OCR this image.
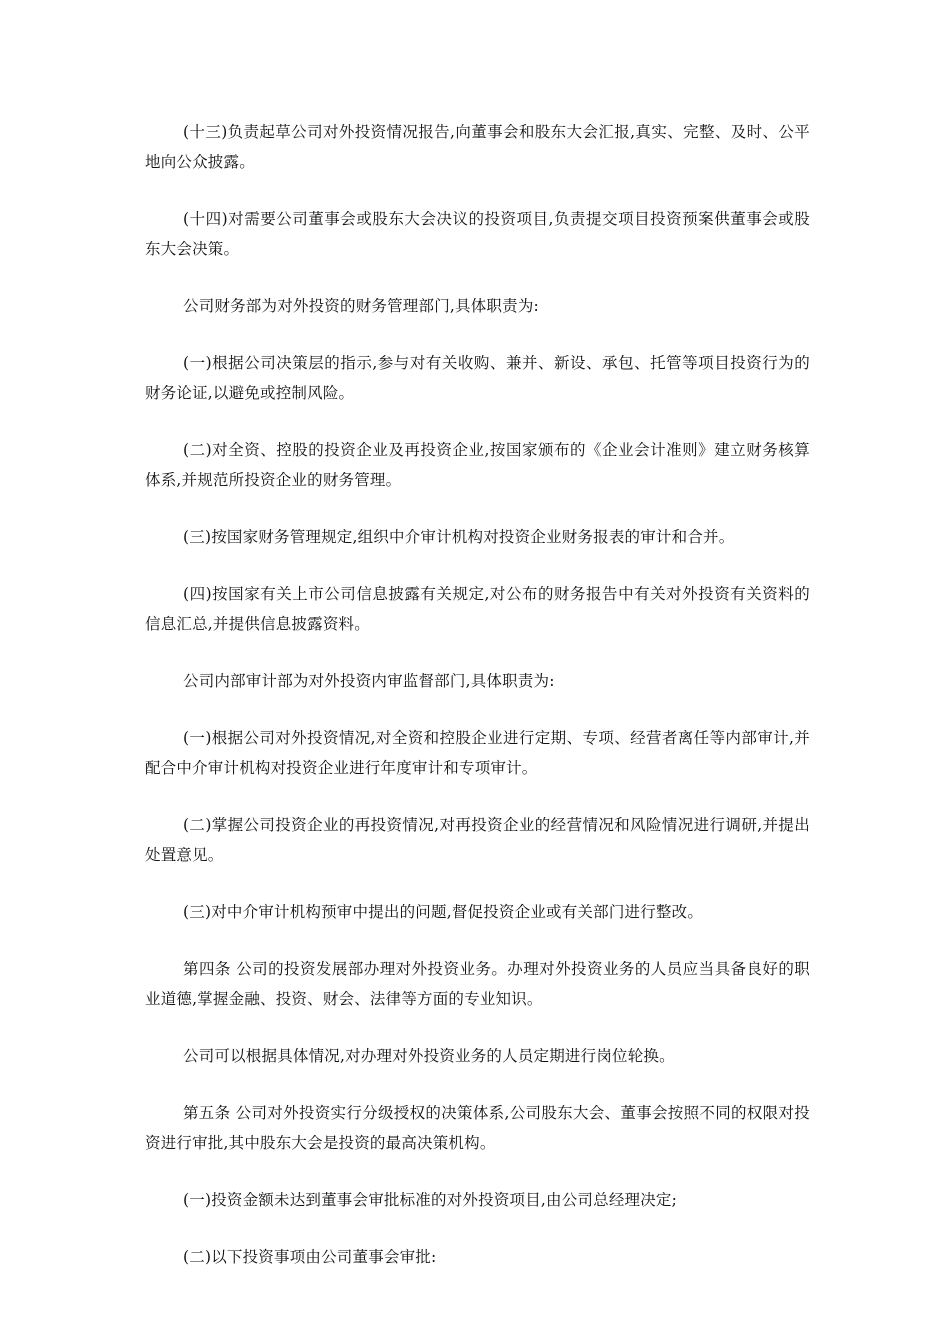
(十三)负责起草公司对外投资情况报告,向董事会和股东大会汇报,真实、完整、及时、公平地向公众披露。

(十四)对需要公司董事会或股东大会决议的投资项目,负责提交项目投资预案供董事会或股东大会决策。

公司财务部为对外投资的财务管理部门,具体职责为:

(一)根据公司决策层的指示,参与对有关收购、兼并、新设、承包、托管等项目投资行为的财务论证,以避免或控制风险。

(二)对全资、控股的投资企业及再投资企业,按国家颁布的《企业会计准则》建立财务核算体系,并规范所投资企业的财务管理。

(三)按国家财务管理规定,组织中介审计机构对投资企业财务报表的审计和合并。

(四)按国家有关上市公司信息披露有关规定,对公布的财务报告中有关对外投资有关资料的信息汇总,并提供信息披露资料。

公司内部审计部为对外投资内审监督部门,具体职责为:

(一)根据公司对外投资情况,对全资和控股企业进行定期、专项、经营者离任等内部审计,并配合中介审计机构对投资企业进行年度审计和专项审计。

(二)掌握公司投资企业的再投资情况,对再投资企业的经营情况和风险情况进行调研,并提出处置意见。

(三)对中介审计机构预审中提出的问题,督促投资企业或有关部门进行整改。

第四条 公司的投资发展部办理对外投资业务。办理对外投资业务的人员应当具备良好的职业道德,掌握金融、投资、财会、法律等方面的专业知识。

公司可以根据具体情况,对办理对外投资业务的人员定期进行岗位轮换。

第五条 公司对外投资实行分级授权的决策体系,公司股东大会、董事会按照不同的权限对投资进行审批,其中股东大会是投资的最高决策机构。

(一)投资金额未达到董事会审批标准的对外投资项目,由公司总经理决定;

(二)以下投资事项由公司董事会审批:
